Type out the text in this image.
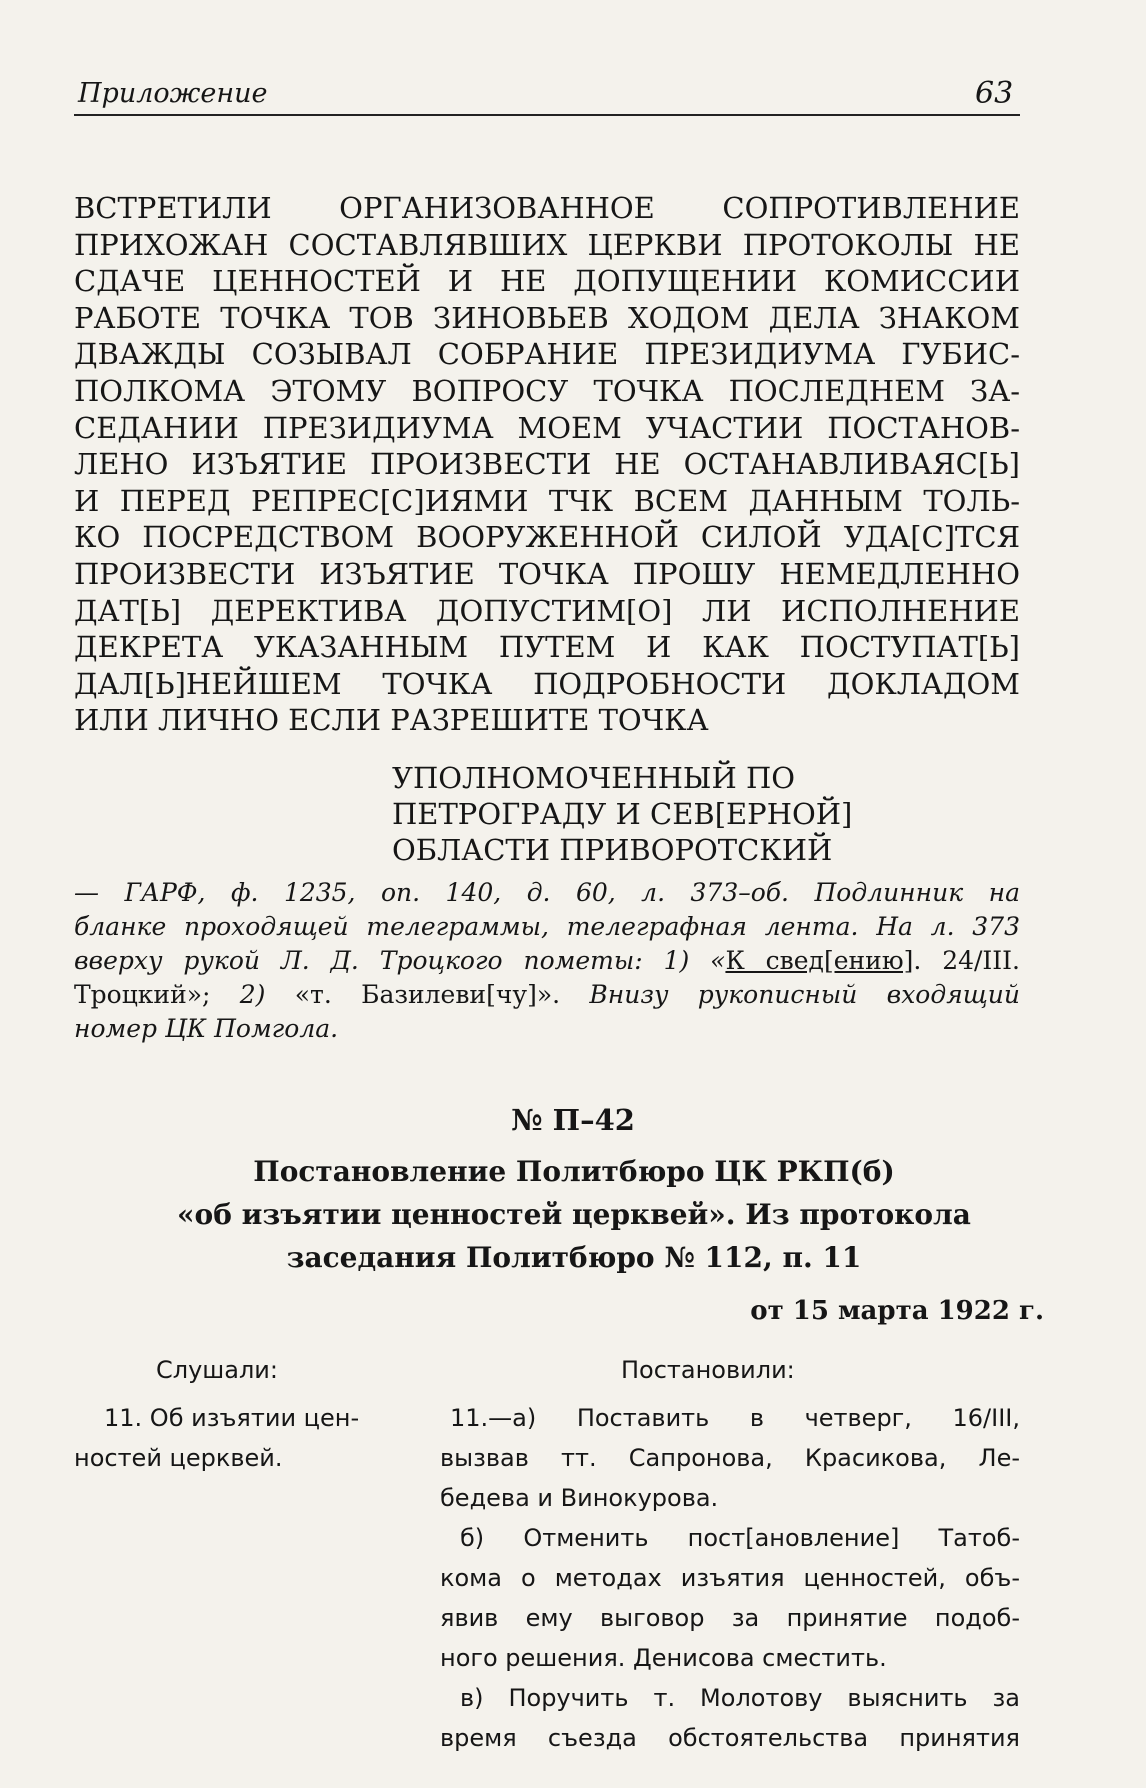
Приложение	63
ВСТРЕТИЛИ ОРГАНИЗОВАННОЕ СОПРОТИВЛЕНИЕ
ПРИХОЖАН СОСТАВЛЯВШИХ ЦЕРКВИ ПРОТОКОЛЫ НЕ
СДАЧЕ ЦЕННОСТЕЙ И НЕ ДОПУЩЕНИИ КОМИССИИ
РАБОТЕ ТОЧКА ТОВ ЗИНОВЬЕВ ХОДОМ ДЕЛА ЗНАКОМ
ДВАЖДЫ СОЗЫВАЛ СОБРАНИЕ ПРЕЗИДИУМА ГУБИС-
ПОЛКОМА ЭТОМУ ВОПРОСУ ТОЧКА ПОСЛЕДНЕМ ЗА-
СЕДАНИИ ПРЕЗИДИУМА МОЕМ УЧАСТИИ ПОСТАНОВ-
ЛЕНО ИЗЪЯТИЕ ПРОИЗВЕСТИ НЕ ОСТАНАВЛИВАЯС[Ь]
И ПЕРЕД РЕПРЕС[С]ИЯМИ ТЧК ВСЕМ ДАННЫМ ТОЛЬ-
КО ПОСРЕДСТВОМ ВООРУЖЕННОЙ СИЛОЙ УДА[С]ТСЯ
ПРОИЗВЕСТИ ИЗЪЯТИЕ ТОЧКА ПРОШУ НЕМЕДЛЕННО
ДАТ[Ь] ДЕРЕКТИВА ДОПУСТИМ[О] ЛИ ИСПОЛНЕНИЕ
ДЕКРЕТА УКАЗАННЫМ ПУТЕМ И КАК ПОСТУПАТ[Ь]
ДАЛ[Ь]НЕЙШЕМ ТОЧКА ПОДРОБНОСТИ ДОКЛАДОМ
ИЛИ ЛИЧНО ЕСЛИ РАЗРЕШИТЕ ТОЧКА
УПОЛНОМОЧЕННЫЙ ПО
ПЕТРОГРАДУ И СЕВ[ЕРНОЙ]
ОБЛАСТИ ПРИВОРОТСКИЙ
— ГАРФ, ф. 1235, оп. 140, д. 60, л. 373–об. Подлинник на
бланке проходящей телеграммы, телеграфная лента. На л. 373
вверху рукой Л. Д. Троцкого пометы: 1) «К свед[ению]. 24/III.
Троцкий»; 2) «т. Базилеви[чу]». Внизу рукописный входящий
номер ЦК Помгола.
№ П–42
Постановление Политбюро ЦК РКП(б)
«об изъятии ценностей церквей». Из протокола
заседания Политбюро № 112, п. 11
от 15 марта 1922 г.
Слушали:	Постановили:
11. Об изъятии цен-
ностей церквей.
11.—а) Поставить в четверг, 16/III,
вызвав тт. Сапронова, Красикова, Ле-
бедева и Винокурова.
б) Отменить пост[ановление] Татоб-
кома о методах изъятия ценностей, объ-
явив ему выговор за принятие подоб-
ного решения. Денисова сместить.
в) Поручить т. Молотову выяснить за
время съезда обстоятельства принятия
